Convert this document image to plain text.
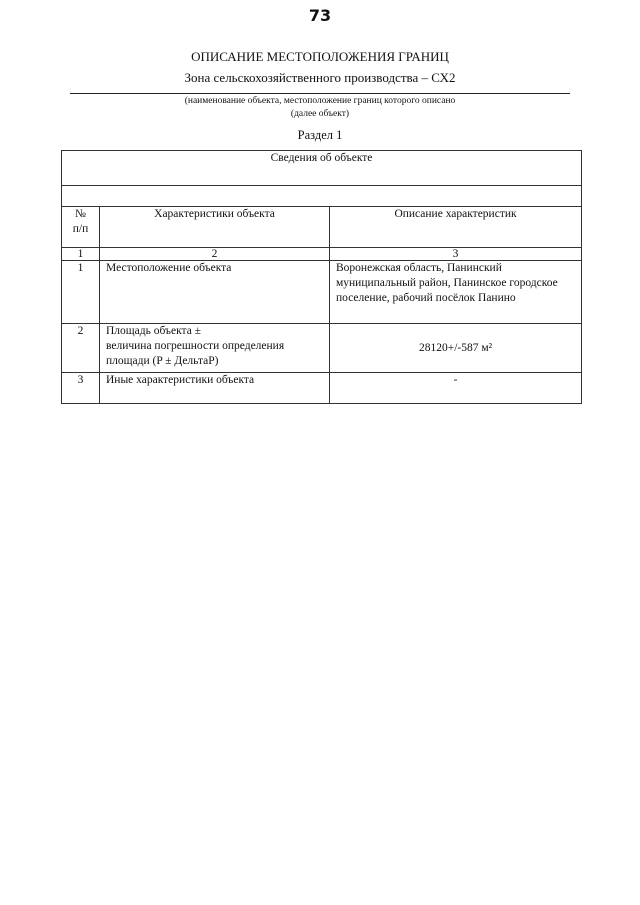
73
ОПИСАНИЕ МЕСТОПОЛОЖЕНИЯ ГРАНИЦ
Зона сельскохозяйственного производства – СХ2
(наименование объекта, местоположение границ которого описано
(далее объект)
Раздел 1
Сведения об объекте		

№
п/п	Характеристики объекта	Описание характеристик
1	2	3
1	Местоположение объекта	Воронежская область, Панинский муниципальный район, Панинское городское поселение, рабочий посёлок Панино
2	Площадь объекта ±
величина погрешности определения площади (P ± ДельтаP)	28120+/-587 м²
3	Иные характеристики объекта	-
